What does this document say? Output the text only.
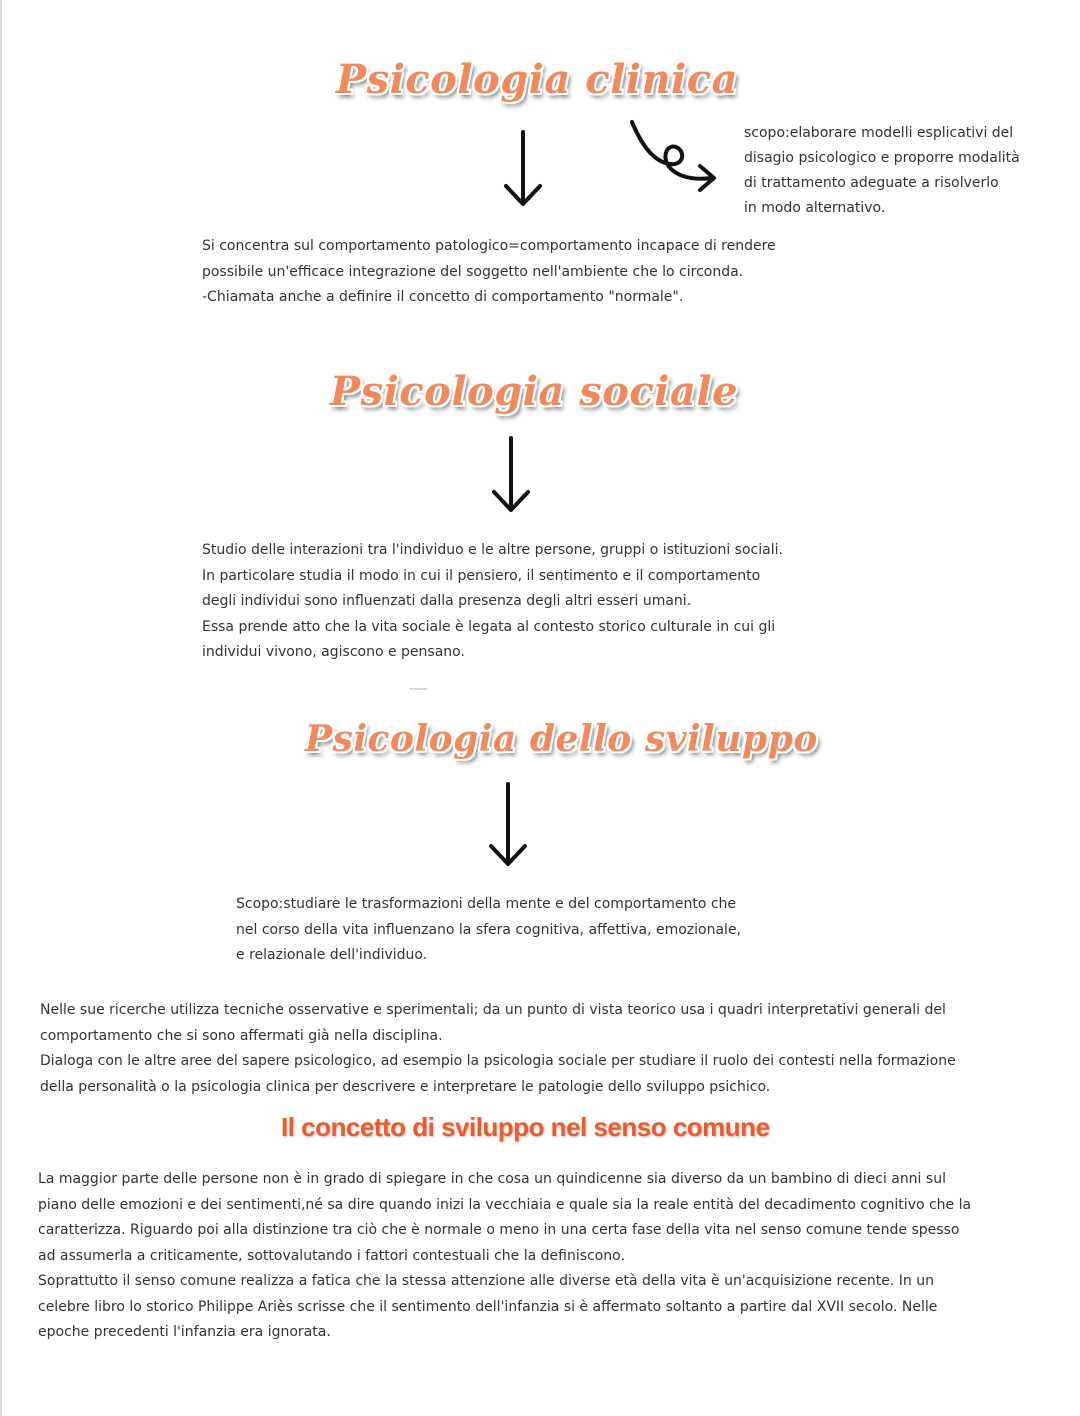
Psicologia clinica
scopo:elaborare modelli esplicativi del
disagio psicologico e proporre modalità
di trattamento adeguate a risolverlo
in modo alternativo.
Si concentra sul comportamento patologico=comportamento incapace di rendere
possibile un'efficace integrazione del soggetto nell'ambiente che lo circonda.
-Chiamata anche a definire il concetto di comportamento "normale".
Psicologia sociale
Studio delle interazioni tra l'individuo e le altre persone, gruppi o istituzioni sociali.
In particolare studia il modo in cui il pensiero, il sentimento e il comportamento
degli individui sono influenzati dalla presenza degli altri esseri umani.
Essa prende atto che la vita sociale è legata al contesto storico culturale in cui gli
individui vivono, agiscono e pensano.
Psicologia dello sviluppo
Scopo:studiare le trasformazioni della mente e del comportamento che
nel corso della vita influenzano la sfera cognitiva, affettiva, emozionale,
e relazionale dell'individuo.
Nelle sue ricerche utilizza tecniche osservative e sperimentali; da un punto di vista teorico usa i quadri interpretativi generali del
comportamento che si sono affermati già nella disciplina.
Dialoga con le altre aree del sapere psicologico, ad esempio la psicologia sociale per studiare il ruolo dei contesti nella formazione
della personalità o la psicologia clinica per descrivere e interpretare le patologie dello sviluppo psichico.
Il concetto di sviluppo nel senso comune
La maggior parte delle persone non è in grado di spiegare in che cosa un quindicenne sia diverso da un bambino di dieci anni sul
piano delle emozioni e dei sentimenti,né sa dire quando inizi la vecchiaia e quale sia la reale entità del decadimento cognitivo che la
caratterizza. Riguardo poi alla distinzione tra ciò che è normale o meno in una certa fase della vita nel senso comune tende spesso
ad assumerla a criticamente, sottovalutando i fattori contestuali che la definiscono.
Soprattutto il senso comune realizza a fatica che la stessa attenzione alle diverse età della vita è un'acquisizione recente. In un
celebre libro lo storico Philippe Ariès scrisse che il sentimento dell'infanzia si è affermato soltanto a partire dal XVII secolo. Nelle
epoche precedenti l'infanzia era ignorata.
